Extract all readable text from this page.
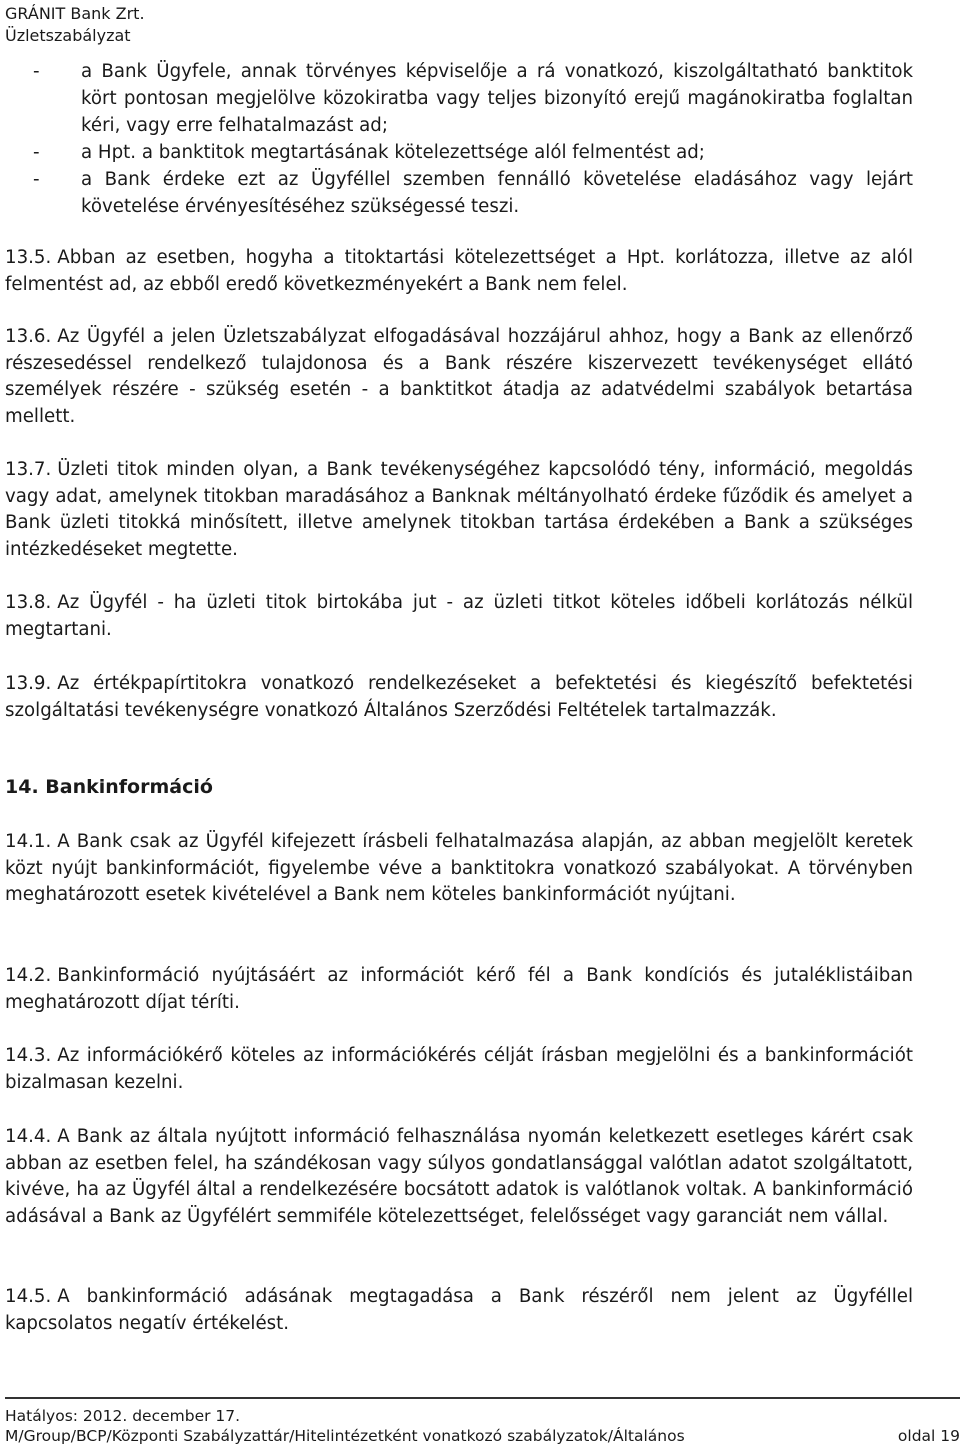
GRÁNIT Bank Zrt.
Üzletszabályzat
- a Bank Ügyfele, annak törvényes képviselője a rá vonatkozó, kiszolgáltatható banktitok kört pontosan megjelölve közokiratba vagy teljes bizonyító erejű magánokiratba foglaltan kéri, vagy erre felhatalmazást ad;
- a Hpt. a banktitok megtartásának kötelezettsége alól felmentést ad;
- a Bank érdeke ezt az Ügyféllel szemben fennálló követelése eladásához vagy lejárt követelése érvényesítéséhez szükségessé teszi.
13.5. Abban az esetben, hogyha a titoktartási kötelezettséget a Hpt. korlátozza, illetve az alól felmentést ad, az ebből eredő következményekért a Bank nem felel.
13.6. Az Ügyfél a jelen Üzletszabályzat elfogadásával hozzájárul ahhoz, hogy a Bank az ellenőrző részesedéssel rendelkező tulajdonosa és a Bank részére kiszervezett tevékenységet ellátó személyek részére - szükség esetén - a banktitkot átadja az adatvédelmi szabályok betartása mellett.
13.7. Üzleti titok minden olyan, a Bank tevékenységéhez kapcsolódó tény, információ, megoldás vagy adat, amelynek titokban maradásához a Banknak méltányolható érdeke fűződik és amelyet a Bank üzleti titokká minősített, illetve amelynek titokban tartása érdekében a Bank a szükséges intézkedéseket megtette.
13.8. Az Ügyfél - ha üzleti titok birtokába jut - az üzleti titkot köteles időbeli korlátozás nélkül megtartani.
13.9. Az értékpapírtitokra vonatkozó rendelkezéseket a befektetési és kiegészítő befektetési szolgáltatási tevékenységre vonatkozó Általános Szerződési Feltételek tartalmazzák.
14. Bankinformáció
14.1. A Bank csak az Ügyfél kifejezett írásbeli felhatalmazása alapján, az abban megjelölt keretek közt nyújt bankinformációt, figyelembe véve a banktitokra vonatkozó szabályokat. A törvényben meghatározott esetek kivételével a Bank nem köteles bankinformációt nyújtani.
14.2. Bankinformáció nyújtásáért az információt kérő fél a Bank kondíciós és jutaléklistáiban meghatározott díjat téríti.
14.3. Az információkérő köteles az információkérés célját írásban megjelölni és a bankinformációt bizalmasan kezelni.
14.4. A Bank az általa nyújtott információ felhasználása nyomán keletkezett esetleges kárért csak abban az esetben felel, ha szándékosan vagy súlyos gondatlansággal valótlan adatot szolgáltatott, kivéve, ha az Ügyfél által a rendelkezésére bocsátott adatok is valótlanok voltak. A bankinformáció adásával a Bank az Ügyfélért semmiféle kötelezettséget, felelősséget vagy garanciát nem vállal.
14.5. A bankinformáció adásának megtagadása a Bank részéről nem jelent az Ügyféllel kapcsolatos negatív értékelést.
Hatályos: 2012. december 17.
M/Group/BCP/Központi Szabályzattár/Hitelintézetként vonatkozó szabályzatok/Általános	oldal 19
